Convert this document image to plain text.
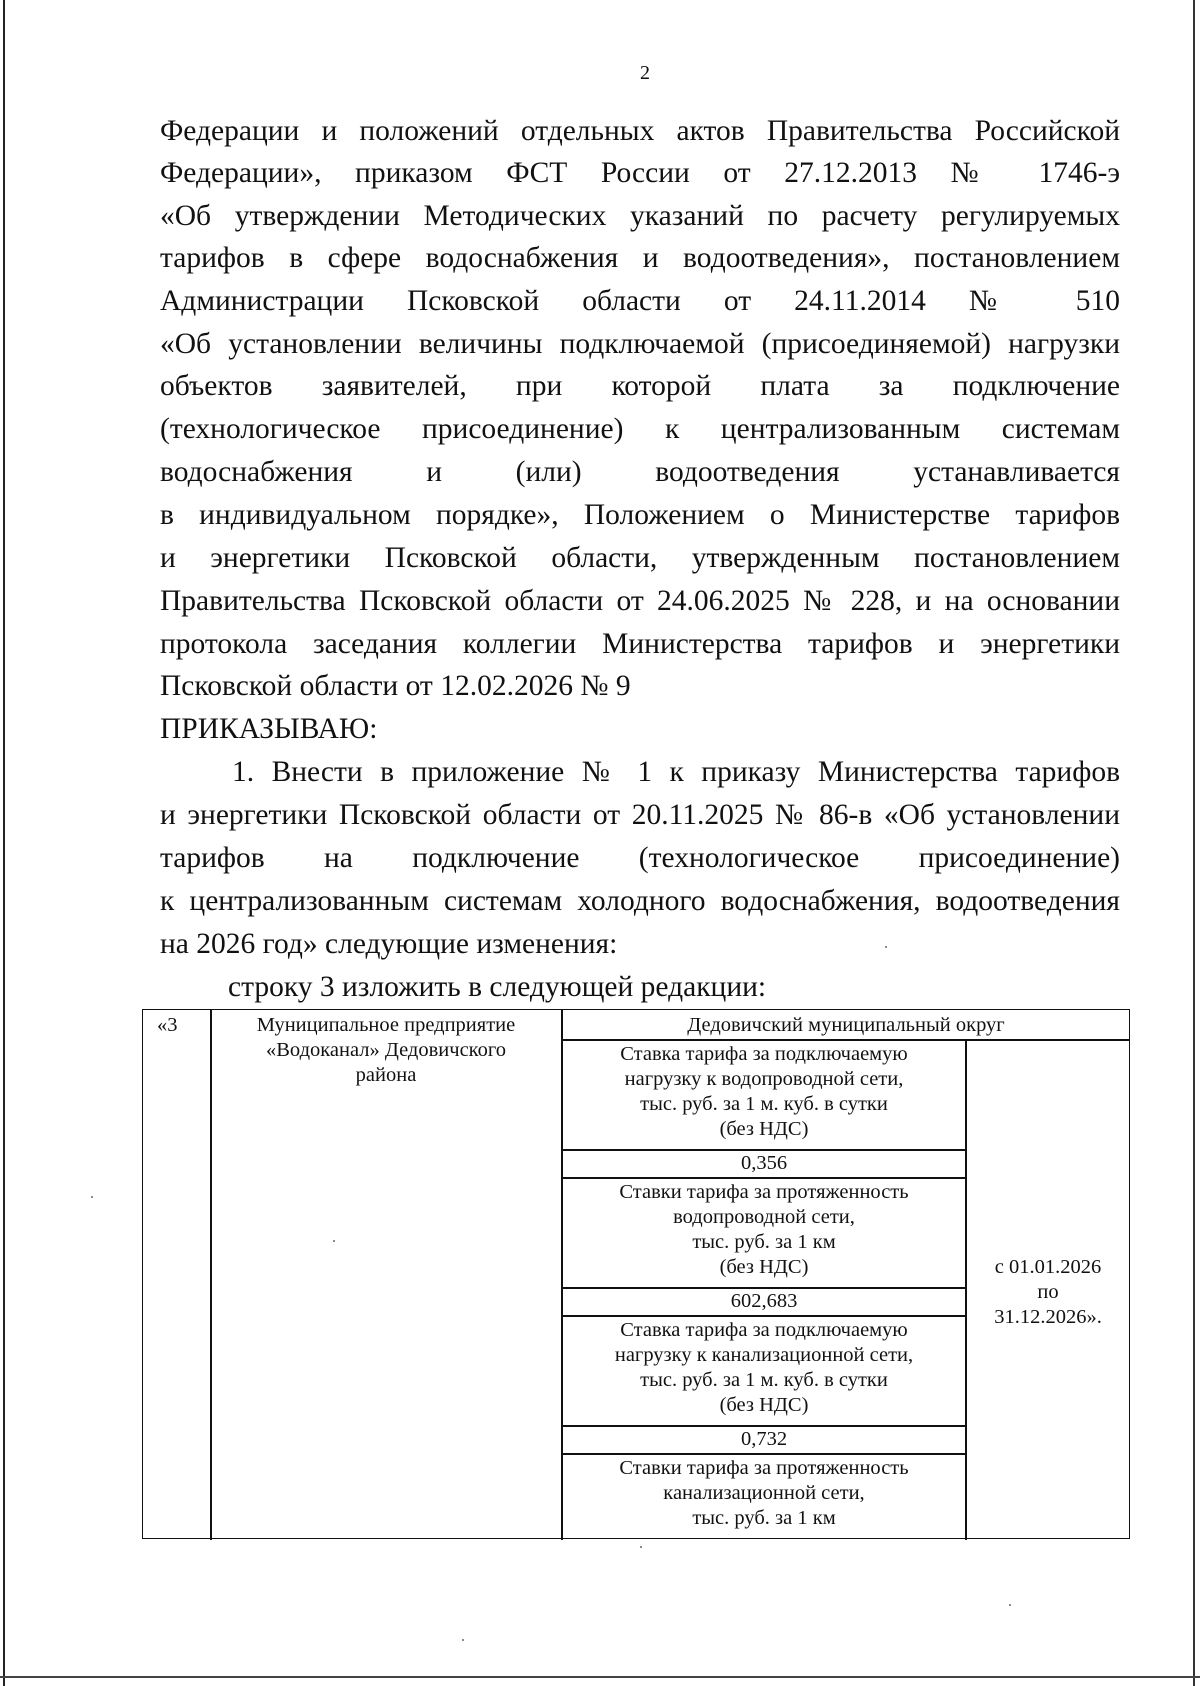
2
Федерации и положений отдельных актов Правительства Российской
Федерации», приказом ФСТ России от 27.12.2013 № 1746-э
«Об утверждении Методических указаний по расчету регулируемых
тарифов в сфере водоснабжения и водоотведения», постановлением
Администрации Псковской области от 24.11.2014 № 510
«Об установлении величины подключаемой (присоединяемой) нагрузки
объектов заявителей, при которой плата за подключение
(технологическое присоединение) к централизованным системам
водоснабжения и (или) водоотведения устанавливается
в индивидуальном порядке», Положением о Министерстве тарифов
и энергетики Псковской области, утвержденным постановлением
Правительства Псковской области от 24.06.2025 № 228, и на основании
протокола заседания коллегии Министерства тарифов и энергетики
Псковской области от 12.02.2026 № 9
ПРИКАЗЫВАЮ:
1. Внести в приложение № 1 к приказу Министерства тарифов
и энергетики Псковской области от 20.11.2025 № 86-в «Об установлении
тарифов на подключение (технологическое присоединение)
к централизованным системам холодного водоснабжения, водоотведения
на 2026 год» следующие изменения:
строку 3 изложить в следующей редакции:
«3	Муниципальное предприятие
«Водоканал» Дедовичского
района
Дедовичский муниципальный округ
Ставка тарифа за подключаемую
нагрузку к водопроводной сети,
тыс. руб. за 1 м. куб. в сутки
(без НДС)
0,356
Ставки тарифа за протяженность
водопроводной сети,
тыс. руб. за 1 км
(без НДС)
602,683
Ставка тарифа за подключаемую
нагрузку к канализационной сети,
тыс. руб. за 1 м. куб. в сутки
(без НДС)
0,732
Ставки тарифа за протяженность
канализационной сети,
тыс. руб. за 1 км
с 01.01.2026
по
31.12.2026».
